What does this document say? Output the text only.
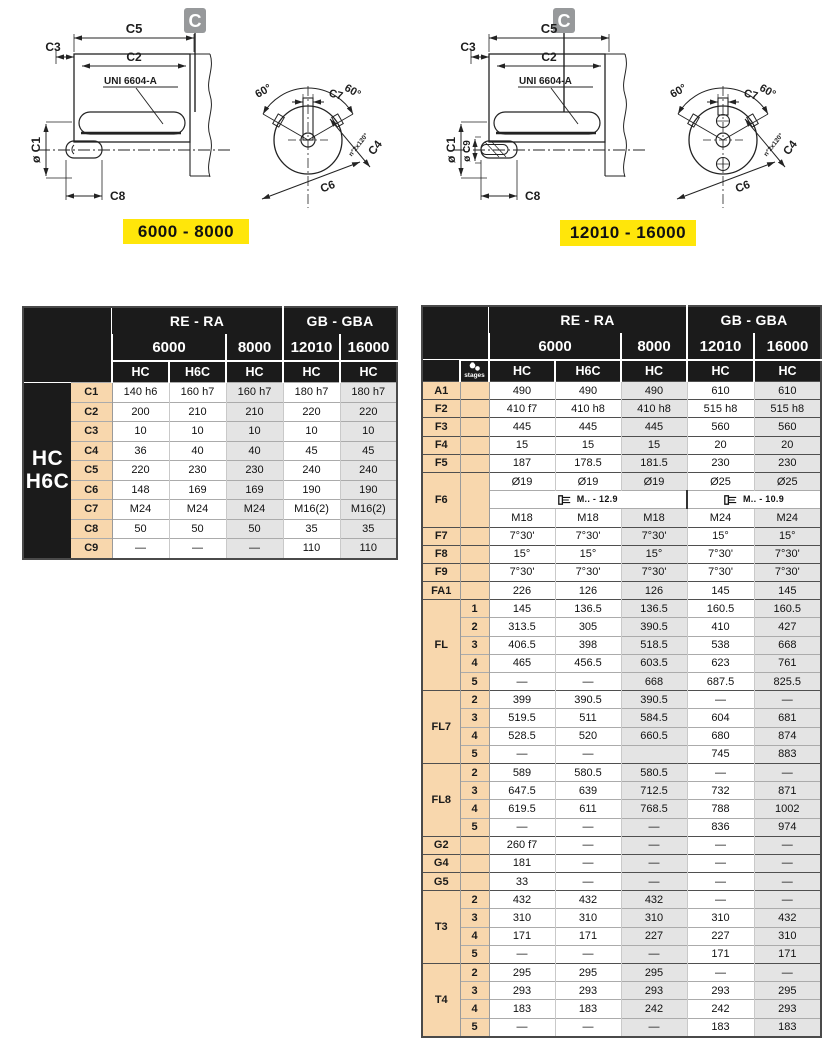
C
C5
C3
C2
UNI 6604-A
ø C1
C8
60°	60°
C7
C4
n°2x120°
C6
C
C5
C3
C2
UNI 6604-A
ø C9
ø C1
C8
60°	60°
C7
C4
n°2x120°
C6
6000 - 8000	12010 - 16000
		RE - RA			GB - GBA	
		6000		8000	12010	16000
		HC	H6C	HC	HC	HC
HC
H6C	C1	140 h6	160 h7	160 h7	180 h7	180 h7
	C2	200	210	210	220	220
	C3	10	10	10	10	10
	C4	36	40	40	45	45
	C5	220	230	230	240	240
	C6	148	169	169	190	190
	C7	M24	M24	M24	M16(2)	M16(2)
	C8	50	50	50	35	35
	C9	—	—	—	110	110
		RE - RA			GB - GBA	
		6000		8000	12010	16000

	stages	HC	H6C	HC	HC	HC
A1		490	490	490	610	610
F2		410 f7	410 h8	410 h8	515 h8	515 h8
F3		445	445	445	560	560
F4		15	15	15	20	20
F5		187	178.5	181.5	230	230
F6		Ø19	Ø19	Ø19	Ø25	Ø25
		M.. - 12.9			M.. - 10.9	
		M18	M18	M18	M24	M24
F7		7°30'	7°30'	7°30'	15°	15°
F8		15°	15°	15°	7°30'	7°30'
F9		7°30'	7°30'	7°30'	7°30'	7°30'
FA1		226	126	126	145	145
FL	1	145	136.5	136.5	160.5	160.5
	2	313.5	305	390.5	410	427
	3	406.5	398	518.5	538	668
	4	465	456.5	603.5	623	761
	5	—	—	668	687.5	825.5
FL7	2	399	390.5	390.5	—	—
	3	519.5	511	584.5	604	681
	4	528.5	520	660.5	680	874
	5	—	—		745	883
FL8	2	589	580.5	580.5	—	—
	3	647.5	639	712.5	732	871
	4	619.5	611	768.5	788	1002
	5	—	—	—	836	974
G2		260 f7	—	—	—	—
G4		181	—	—	—	—
G5		33	—	—	—	—
T3	2	432	432	432	—	—
	3	310	310	310	310	432
	4	171	171	227	227	310
	5	—	—	—	171	171
T4	2	295	295	295	—	—
	3	293	293	293	293	295
	4	183	183	242	242	293
	5	—	—	—	183	183
